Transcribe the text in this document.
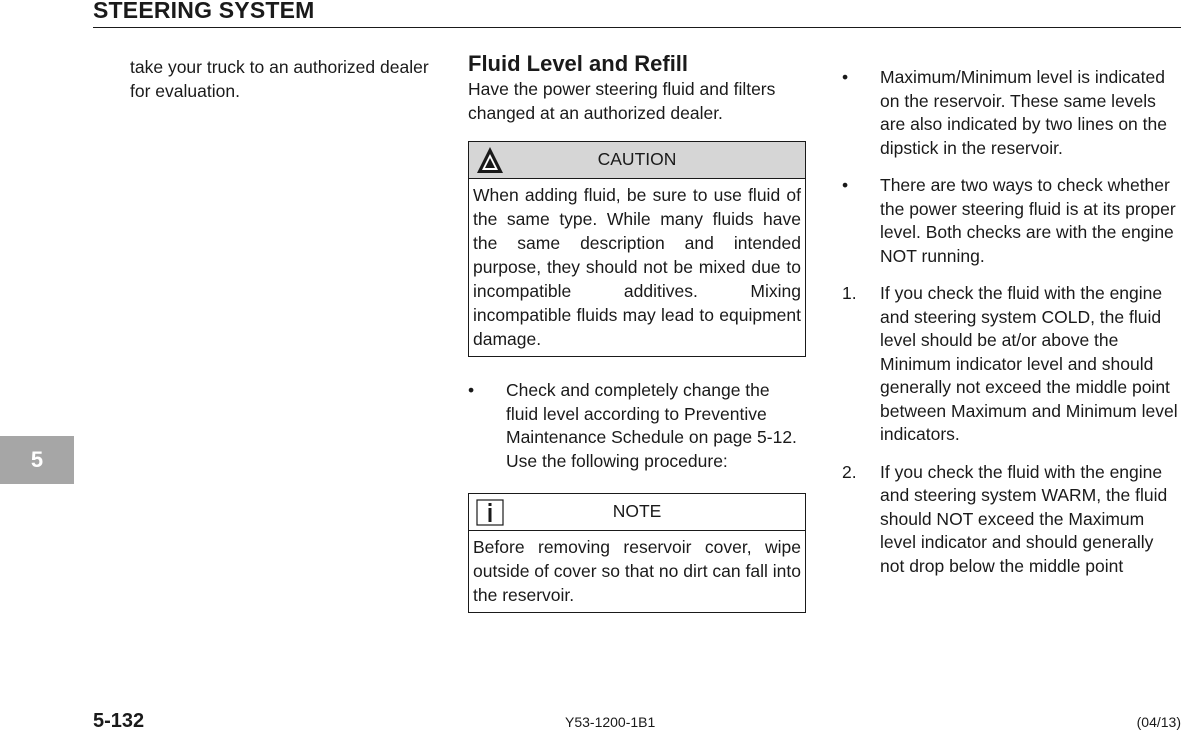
STEERING SYSTEM
5

take your truck to an authorized dealer for evaluation.

Fluid Level and Refill

Have the power steering fluid and filters changed at an authorized dealer.

CAUTION
When adding fluid, be sure to use fluid of the same type. While many fluids have the same description and intended purpose, they should not be mixed due to incompatible additives. Mixing incompatible fluids may lead to equipment damage.
• Check and completely change the fluid level according to Preventive Maintenance Schedule on page 5-12. Use the following procedure:
NOTE
Before removing reservoir cover, wipe outside of cover so that no dirt can fall into the reservoir.
• Maximum/Minimum level is indicated on the reservoir. These same levels are also indicated by two lines on the dipstick in the reservoir.
• There are two ways to check whether the power steering fluid is at its proper level. Both checks are with the engine NOT running.
1. If you check the fluid with the engine and steering system COLD, the fluid level should be at/or above the Minimum indicator level and should generally not exceed the middle point between Maximum and Minimum level indicators.
2. If you check the fluid with the engine and steering system WARM, the fluid should NOT exceed the Maximum level indicator and should generally not drop below the middle point
5-132	Y53-1200-1B1	(04/13)
